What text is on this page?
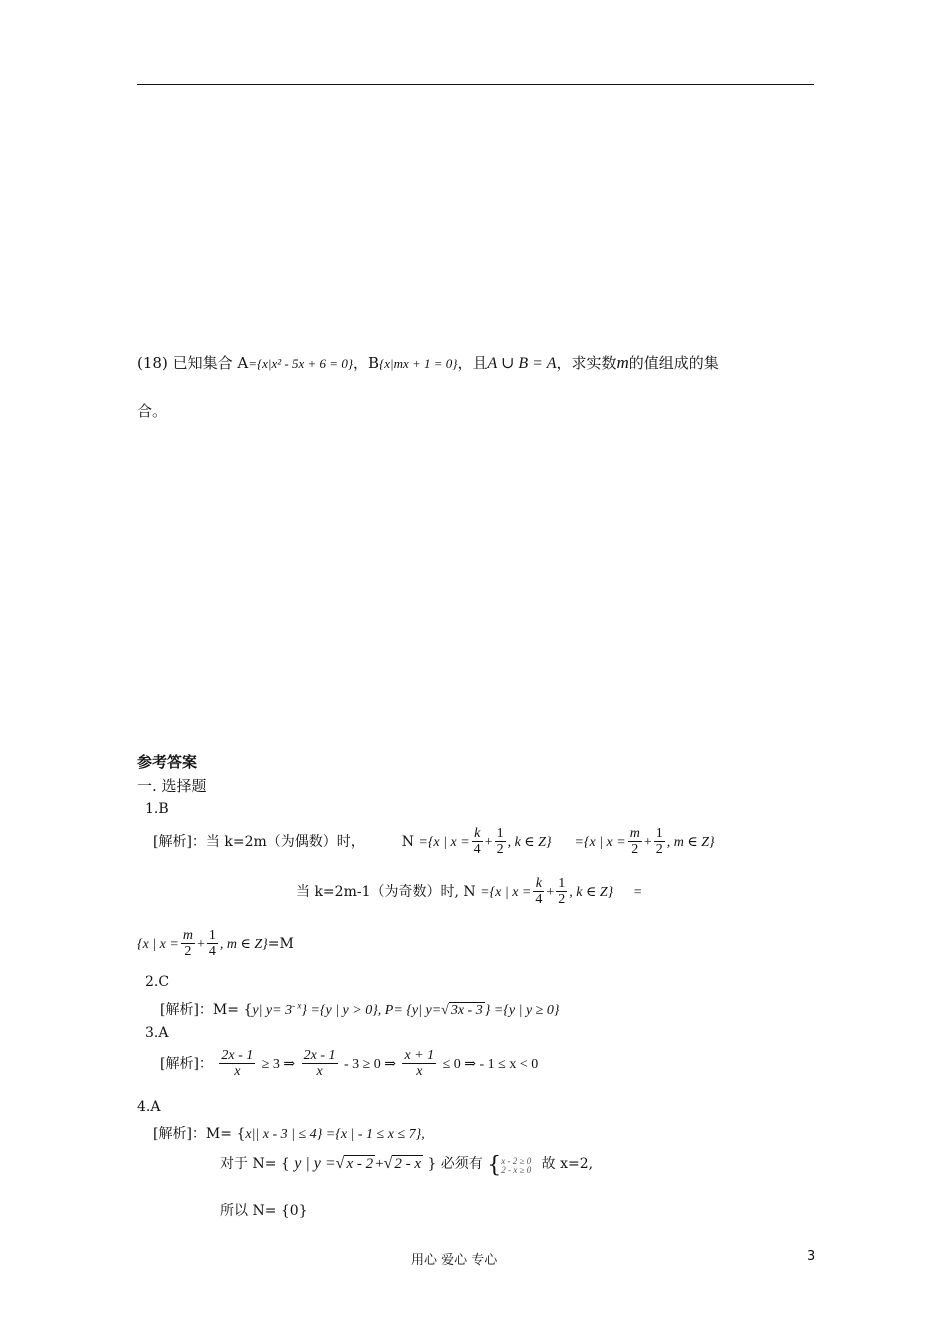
(18) 已知集合 A={x|x² - 5x + 6 = 0}，B{x|mx + 1 = 0}，且A ∪ B = A，求实数m的值组成的集
合。
参考答案
一. 选择题
1.B
[解析]：当 k=2m（为偶数）时，	N ={x | $x = \frac{k}{4} + \frac{1}{2}$ , k ∈ Z} ={x | $x = \frac{m}{2} + \frac{1}{2}$ , m ∈ Z}
当 k=2m-1（为奇数）时, N ={x | $x = \frac{k}{4} + \frac{1}{2}$ , k ∈ Z} =
{x | $x = \frac{m}{2} + \frac{1}{4}$ , m ∈ Z}=M
2.C
[解析]：M= {y| $y= 3^{- x}\} =\{y$ | y > 0}, P= {y| y=√ 3x - 3 } ={y | y ≥ 0}
3.A
[解析]： $\frac{2x - 1}{x} \ge 3$ ⇒ $\frac{2x - 1}{x} - 3 \ge 0$ ⇒ $\frac{x + 1}{x} \le 0$ ⇒ - 1 ≤ x < 0
4.A
[解析]：M= {x|| x - 3 | ≤ 4} ={x | - 1 ≤ x ≤ 7},
对于 N= { y | y =√ x - 2 +√ 2 - x } 必须有 { x - 2 ≥ 0
2 - x ≥ 0 故 x=2,
所以 N= {0}
用心 爱心 专心	3
